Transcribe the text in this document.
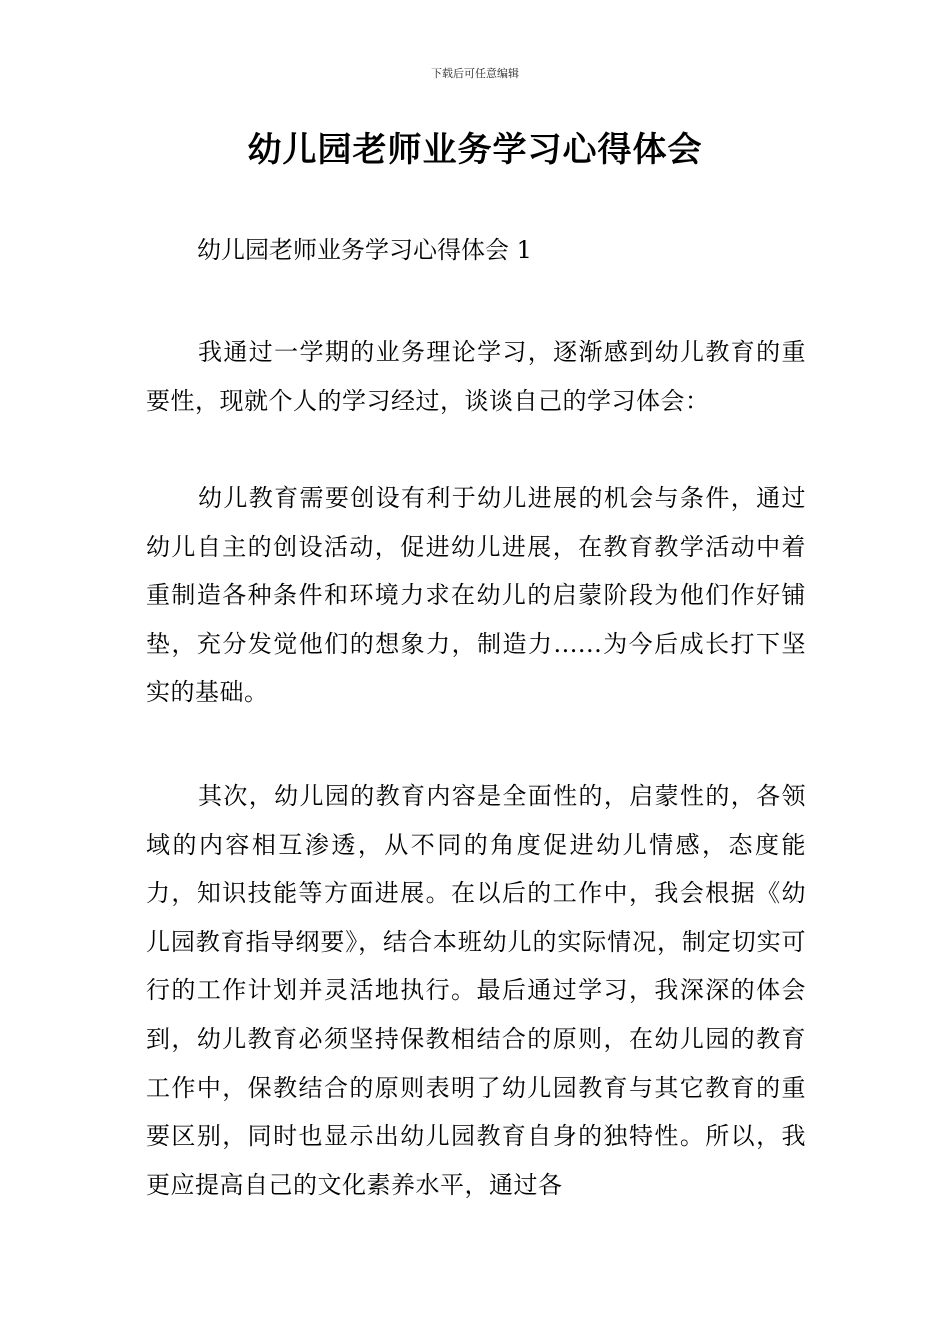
下载后可任意编辑
幼儿园老师业务学习心得体会
幼儿园老师业务学习心得体会 1

我通过一学期的业务理论学习，逐渐感到幼儿教育的重要性，现就个人的学习经过，谈谈自己的学习体会：

幼儿教育需要创设有利于幼儿进展的机会与条件，通过幼儿自主的创设活动，促进幼儿进展，在教育教学活动中着重制造各种条件和环境力求在幼儿的启蒙阶段为他们作好铺垫，充分发觉他们的想象力，制造力......为今后成长打下坚实的基础。

其次，幼儿园的教育内容是全面性的，启蒙性的，各领域的内容相互渗透，从不同的角度促进幼儿情感，态度能力，知识技能等方面进展。在以后的工作中，我会根据《幼儿园教育指导纲要》，结合本班幼儿的实际情况，制定切实可行的工作计划并灵活地执行。最后通过学习，我深深的体会到，幼儿教育必须坚持保教相结合的原则，在幼儿园的教育工作中，保教结合的原则表明了幼儿园教育与其它教育的重要区别，同时也显示出幼儿园教育自身的独特性。所以，我更应提高自己的文化素养水平，通过各
